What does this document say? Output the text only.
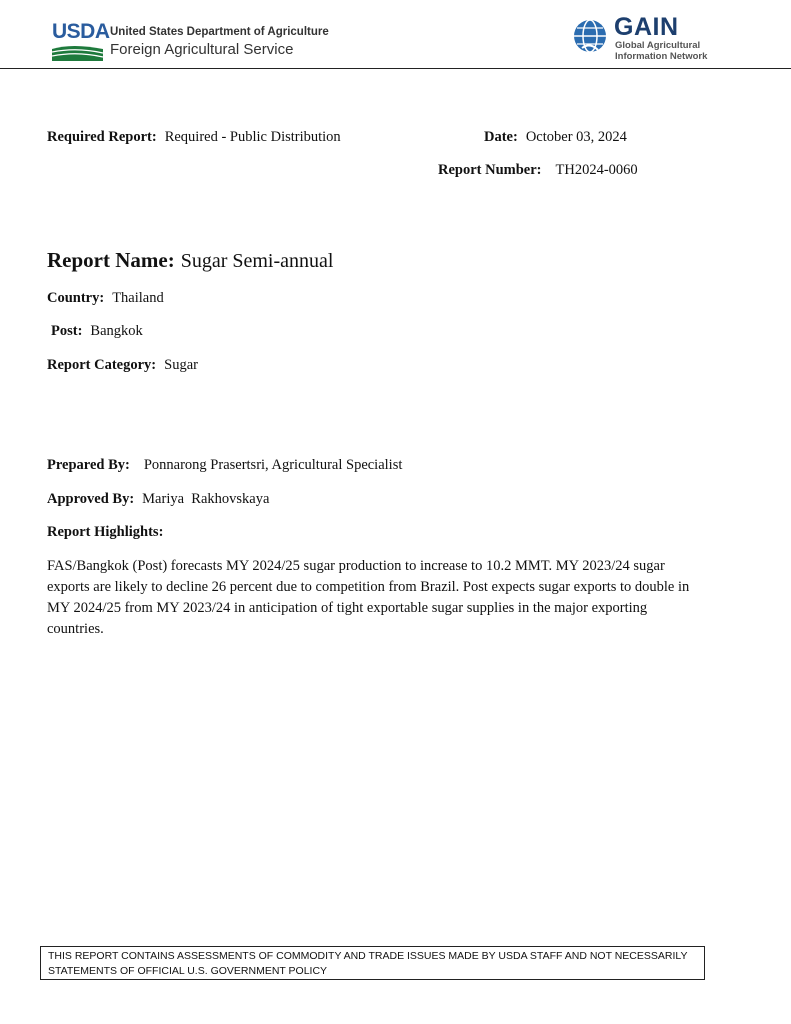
USDA United States Department of Agriculture
Foreign Agricultural Service
GAIN
Global Agricultural
Information Network
Required Report: Required - Public Distribution	Date: October 03, 2024
Report Number: TH2024-0060
Report Name: Sugar Semi-annual
Country: Thailand
Post: Bangkok
Report Category: Sugar
Prepared By: Ponnarong Prasertsri, Agricultural Specialist
Approved By: Mariya  Rakhovskaya
Report Highlights:
FAS/Bangkok (Post) forecasts MY 2024/25 sugar production to increase to 10.2 MMT. MY 2023/24 sugar exports are likely to decline 26 percent due to competition from Brazil. Post expects sugar exports to double in MY 2024/25 from MY 2023/24 in anticipation of tight exportable sugar supplies in the major exporting countries.
THIS REPORT CONTAINS ASSESSMENTS OF COMMODITY AND TRADE ISSUES MADE BY USDA STAFF AND NOT NECESSARILY STATEMENTS OF OFFICIAL U.S. GOVERNMENT POLICY
